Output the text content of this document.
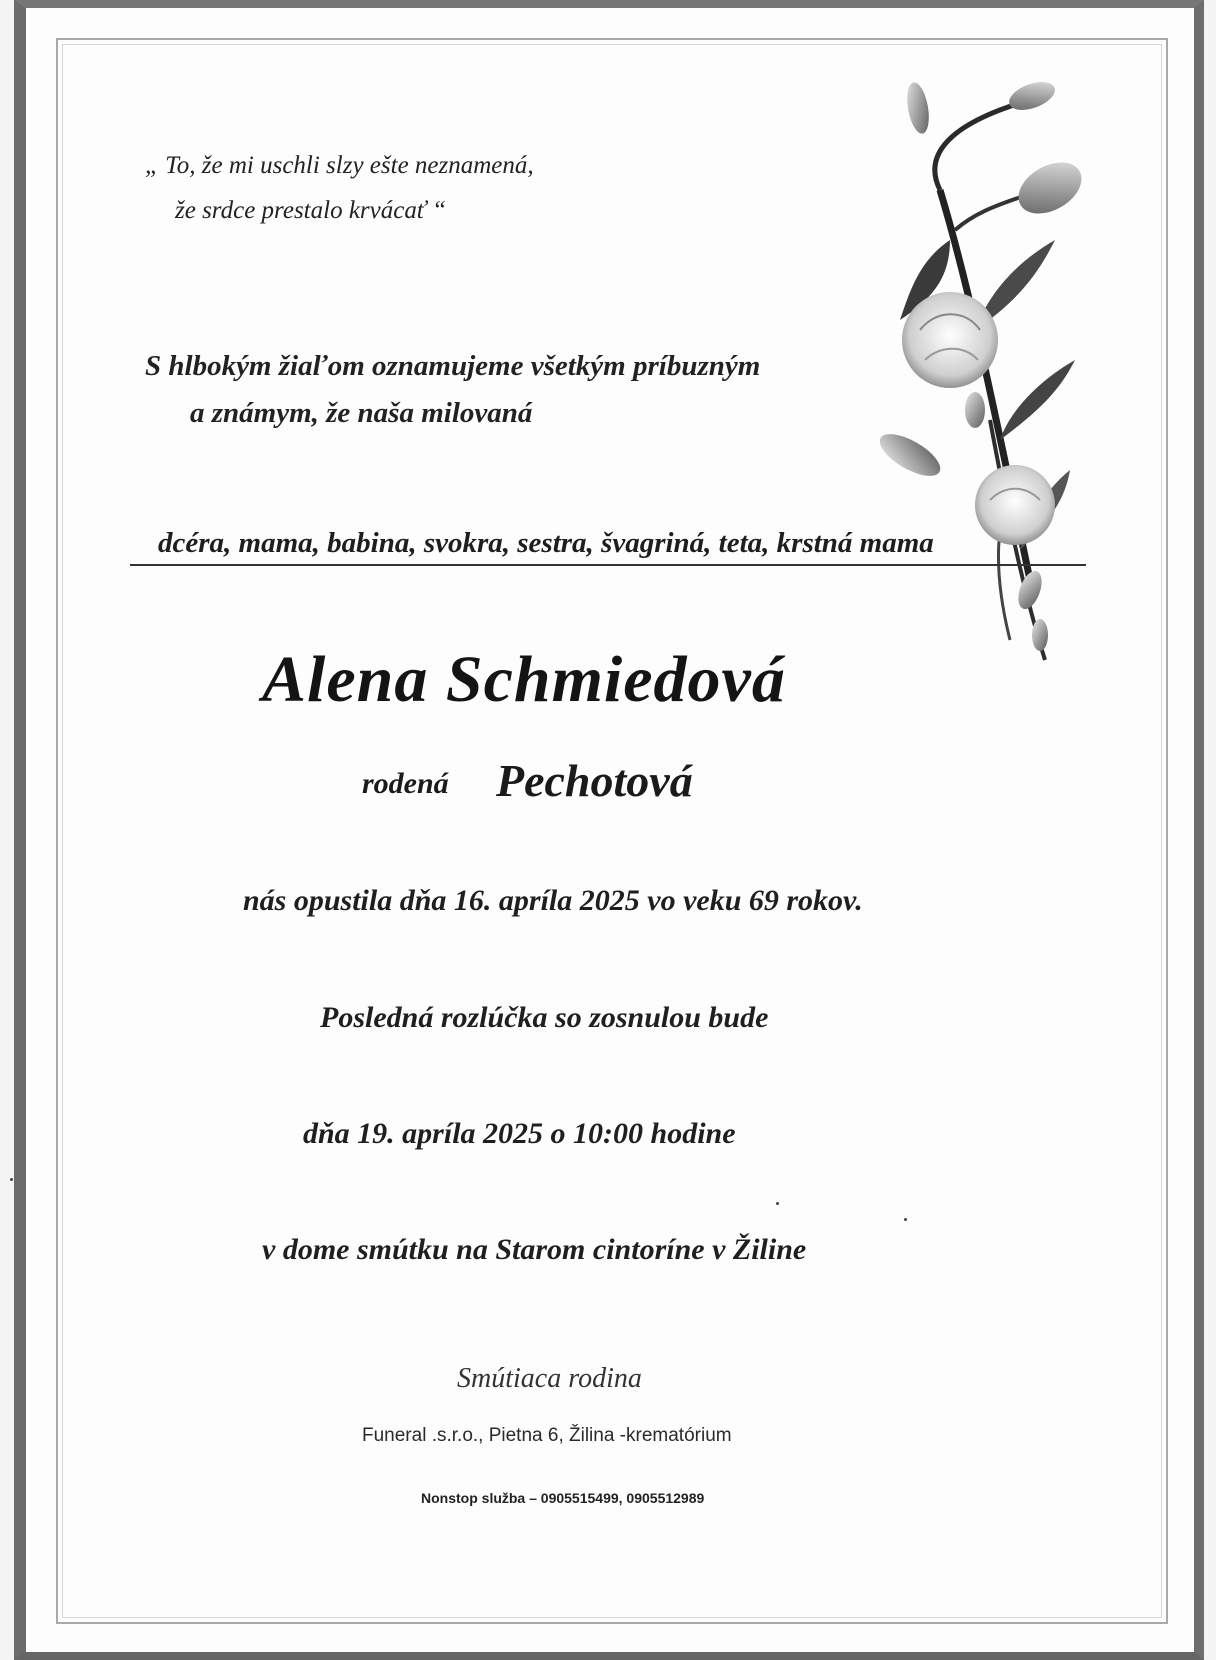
„ To, že mi uschli slzy ešte neznamená,
že srdce prestalo krvácať “
S hlbokým žiaľom oznamujeme všetkým príbuzným
a známym, že naša milovaná
dcéra, mama, babina, svokra, sestra, švagriná, teta, krstná mama
Alena Schmiedová
rodená Pechotová
nás opustila dňa 16. apríla 2025 vo veku 69 rokov.
Posledná rozlúčka so zosnulou bude
dňa 19. apríla 2025 o 10:00 hodine
v dome smútku na Starom cintoríne v Žiline
Smútiaca rodina
Funeral .s.r.o., Pietna 6, Žilina -krematórium
Nonstop služba – 0905515499, 0905512989
